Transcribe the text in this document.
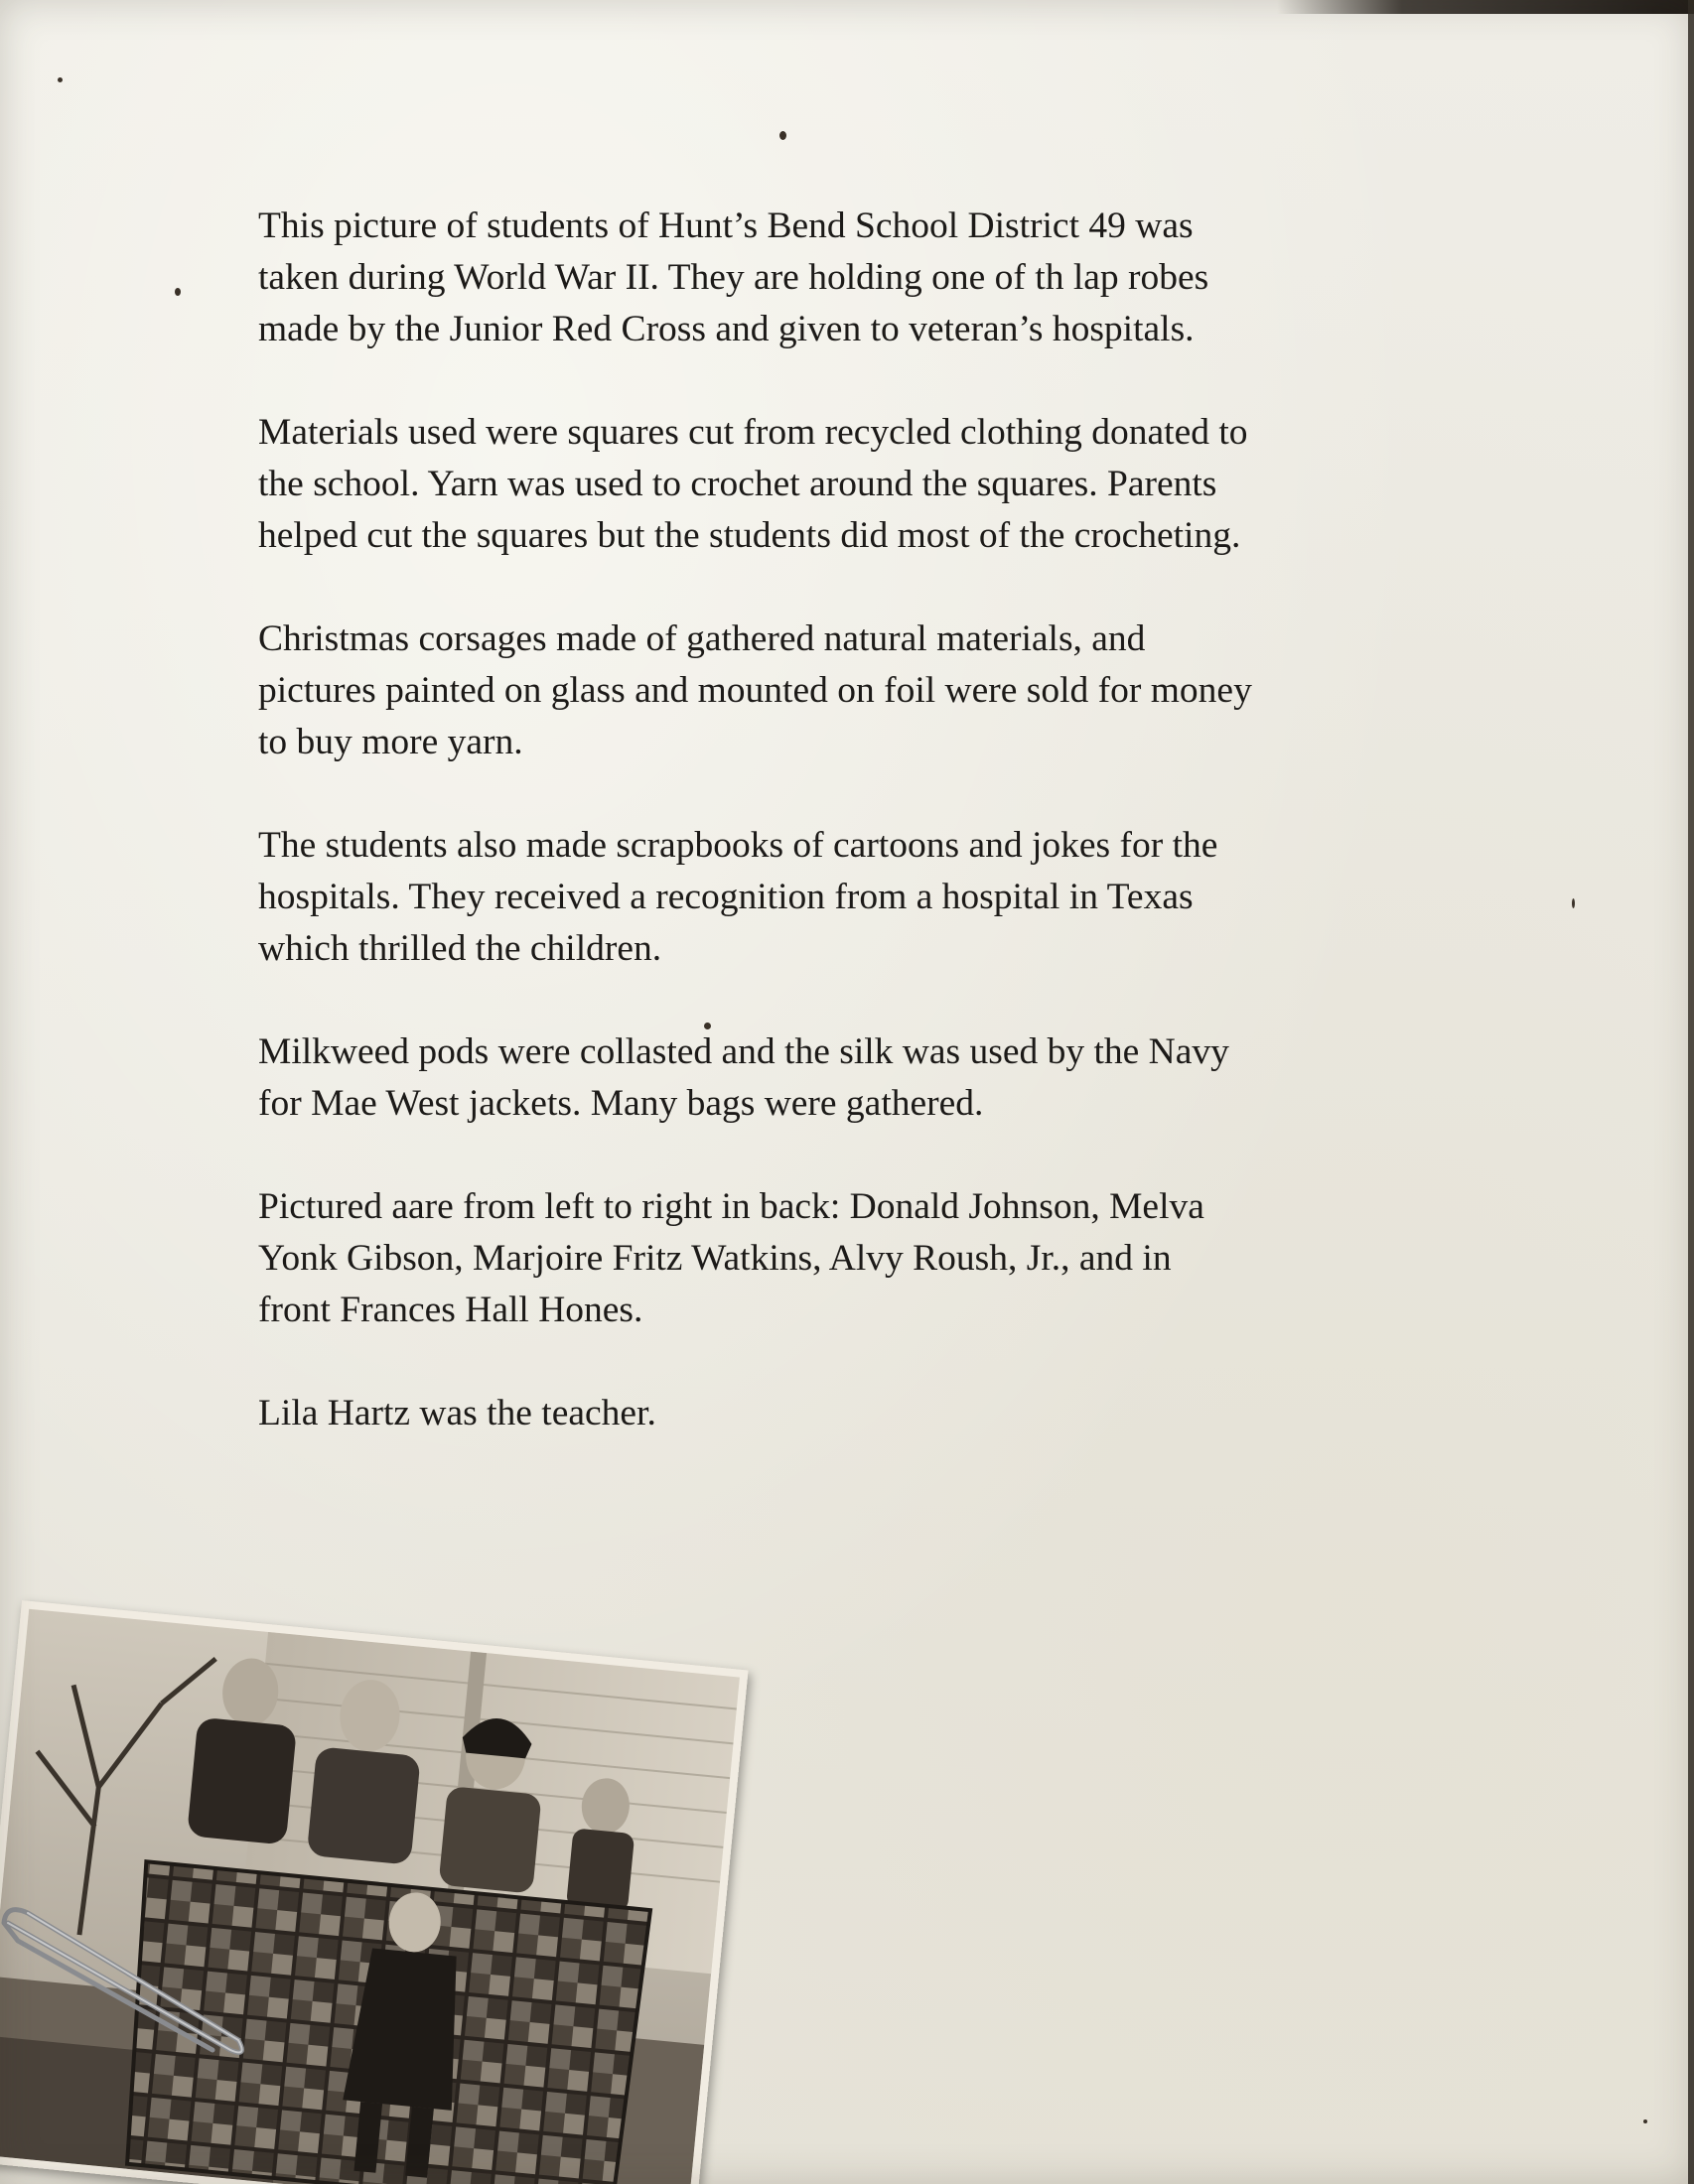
This picture of students of Hunt’s Bend School District 49 was
taken during World War II. They are holding one of th lap robes
made by the Junior Red Cross and given to veteran’s hospitals.

Materials used were squares cut from recycled clothing donated to
the school. Yarn was used to crochet around the squares. Parents
helped cut the squares but the students did most of the crocheting.

Christmas corsages made of gathered natural materials, and
pictures painted on glass and mounted on foil were sold for money
to buy more yarn.

The students also made scrapbooks of cartoons and jokes for the
hospitals. They received a recognition from a hospital in Texas
which thrilled the children.

Milkweed pods were collasted and the silk was used by the Navy
for Mae West jackets. Many bags were gathered.

Pictured aare from left to right in back: Donald Johnson, Melva
Yonk Gibson, Marjoire Fritz Watkins, Alvy Roush, Jr., and in
front Frances Hall Hones.

Lila Hartz was the teacher.
